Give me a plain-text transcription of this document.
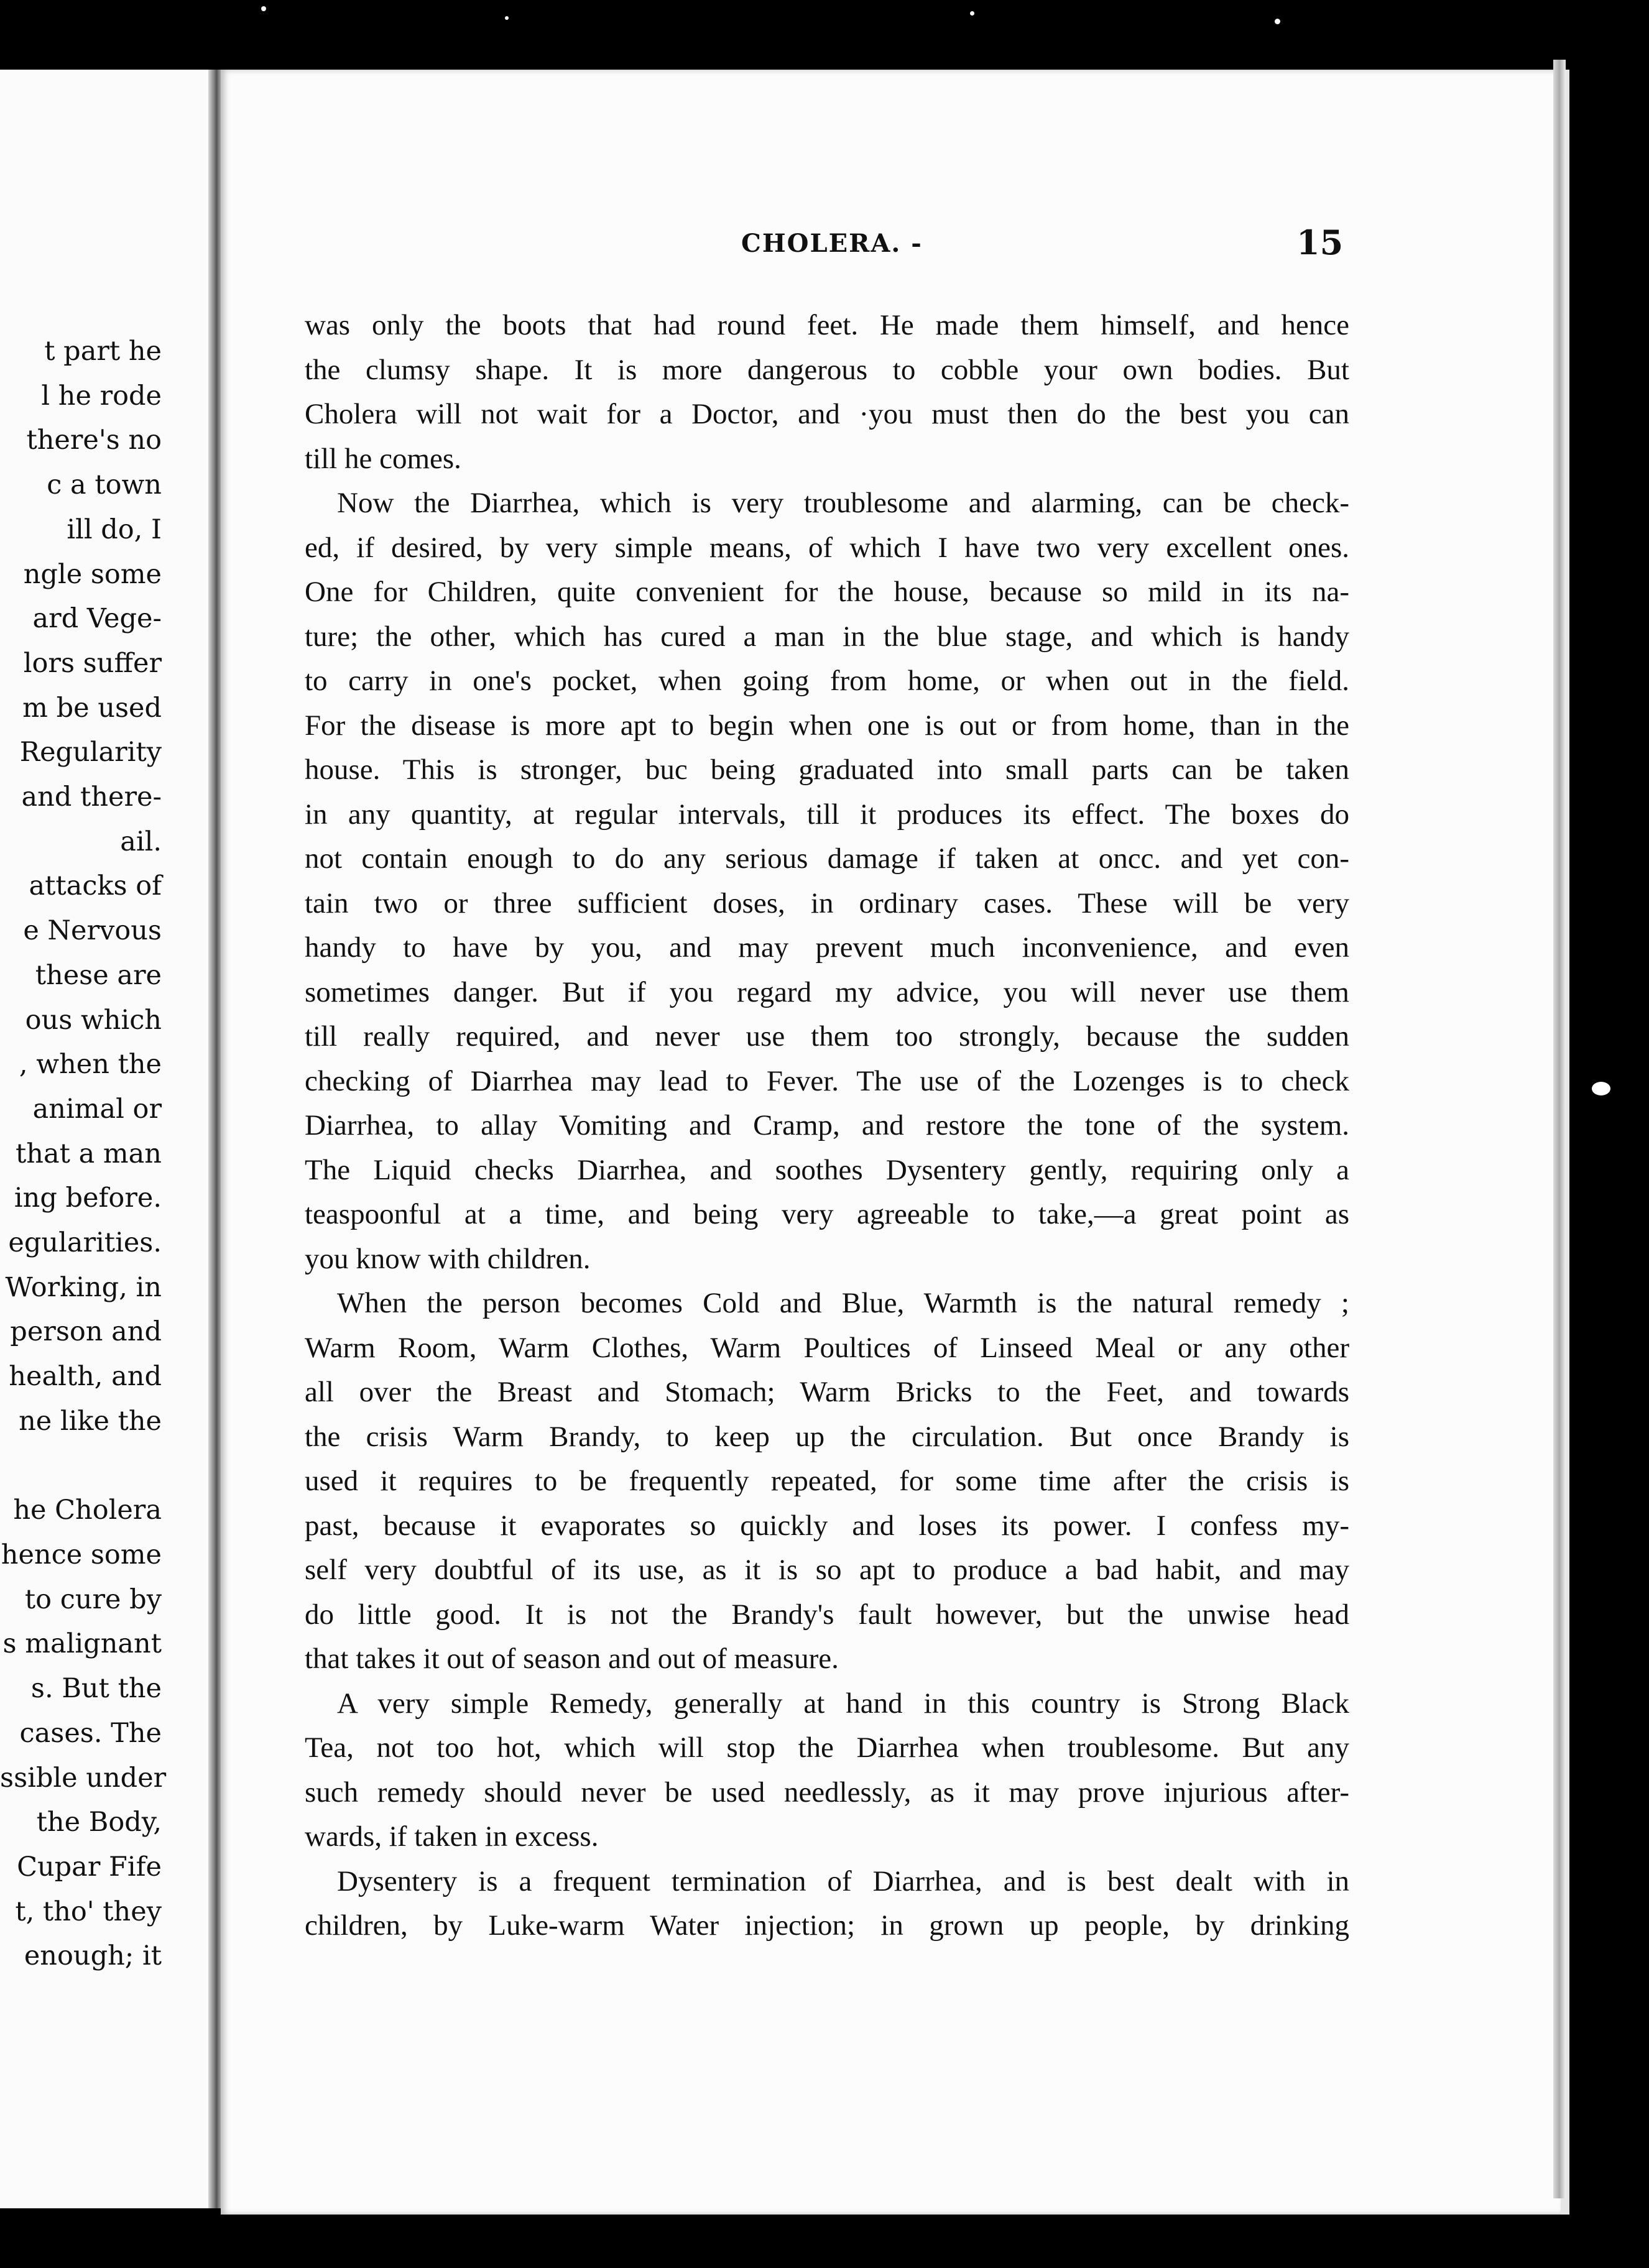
t part he
l he rode
there's no
c a town
ill do, I
ngle some
ard Vege-
lors suffer
m be used
Regularity
and there-
ail.
attacks of
e Nervous
these are
ous which
, when the
animal or
that a man
ing before.
egularities.
Working, in
person and
health, and
ne like the

he Cholera
hence some
to cure by
s malignant
s. But the
cases. The
ssible under
the Body,
Cupar Fife
t, tho' they
enough; it
CHOLERA. -	15
was only the boots that had round feet. He made them himself, and hence
the clumsy shape. It is more dangerous to cobble your own bodies. But
Cholera will not wait for a Doctor, and ·you must then do the best you can
till he comes.
Now the Diarrhea, which is very troublesome and alarming, can be check-
ed, if desired, by very simple means, of which I have two very excellent ones.
One for Children, quite convenient for the house, because so mild in its na-
ture; the other, which has cured a man in the blue stage, and which is handy
to carry in one's pocket, when going from home, or when out in the field.
For the disease is more apt to begin when one is out or from home, than in the
house. This is stronger, buc being graduated into small parts can be taken
in any quantity, at regular intervals, till it produces its effect. The boxes do
not contain enough to do any serious damage if taken at oncc. and yet con-
tain two or three sufficient doses, in ordinary cases. These will be very
handy to have by you, and may prevent much inconvenience, and even
sometimes danger. But if you regard my advice, you will never use them
till really required, and never use them too strongly, because the sudden
checking of Diarrhea may lead to Fever. The use of the Lozenges is to check
Diarrhea, to allay Vomiting and Cramp, and restore the tone of the system.
The Liquid checks Diarrhea, and soothes Dysentery gently, requiring only a
teaspoonful at a time, and being very agreeable to take,—a great point as
you know with children.
When the person becomes Cold and Blue, Warmth is the natural remedy ;
Warm Room, Warm Clothes, Warm Poultices of Linseed Meal or any other
all over the Breast and Stomach; Warm Bricks to the Feet, and towards
the crisis Warm Brandy, to keep up the circulation. But once Brandy is
used it requires to be frequently repeated, for some time after the crisis is
past, because it evaporates so quickly and loses its power. I confess my-
self very doubtful of its use, as it is so apt to produce a bad habit, and may
do little good. It is not the Brandy's fault however, but the unwise head
that takes it out of season and out of measure.
A very simple Remedy, generally at hand in this country is Strong Black
Tea, not too hot, which will stop the Diarrhea when troublesome. But any
such remedy should never be used needlessly, as it may prove injurious after-
wards, if taken in excess.
Dysentery is a frequent termination of Diarrhea, and is best dealt with in
children, by Luke-warm Water injection; in grown up people, by drinking
